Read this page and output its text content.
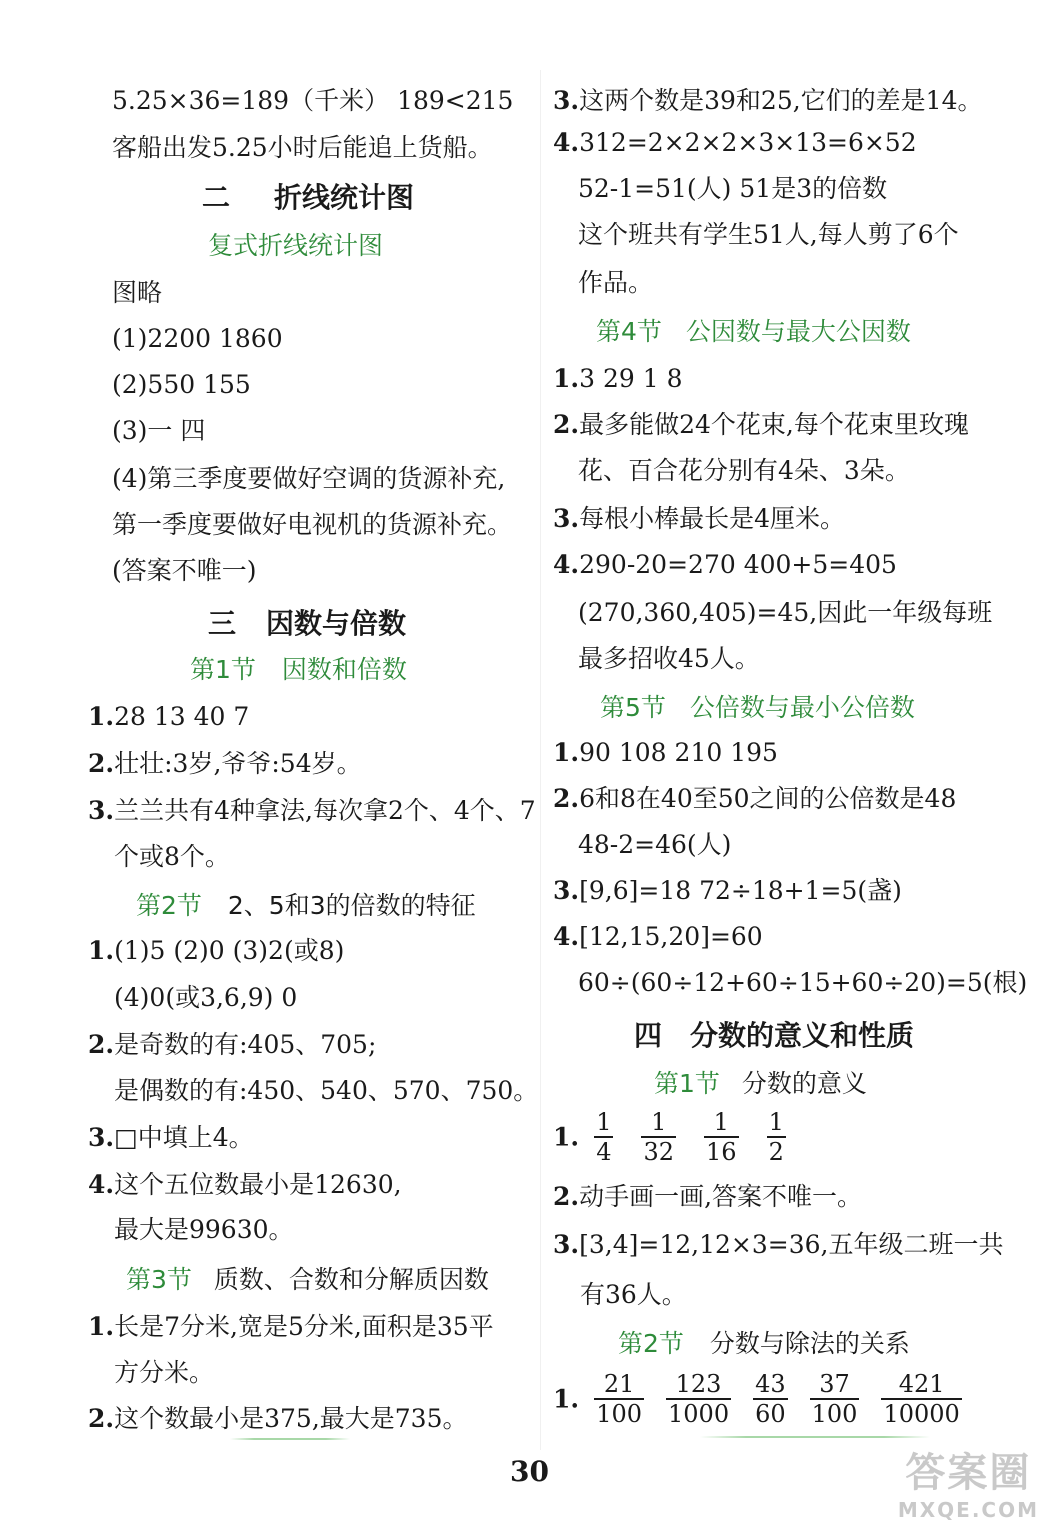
5.25×36=189（千米） 189<215
客船出发5.25小时后能追上货船。
二 折线统计图
复式折线统计图
图略
(1)2200 1860
(2)550 155
(3)一 四
(4)第三季度要做好空调的货源补充,
第一季度要做好电视机的货源补充。
(答案不唯一)
三 因数与倍数
第1节 因数和倍数
1.28 13 40 7
2.壮壮:3岁,爷爷:54岁。
3.兰兰共有4种拿法,每次拿2个、4个、7
个或8个。
第2节 2、5和3的倍数的特征
1.(1)5 (2)0 (3)2(或8)
(4)0(或3,6,9) 0
2.是奇数的有:405、705;
是偶数的有:450、540、570、750。
3.□中填上4。
4.这个五位数最小是12630,
最大是99630。
第3节 质数、合数和分解质因数
1.长是7分米,宽是5分米,面积是35平
方分米。
2.这个数最小是375,最大是735。
3.这两个数是39和25,它们的差是14。
4.312=2×2×2×3×13=6×52
52-1=51(人) 51是3的倍数
这个班共有学生51人,每人剪了6个
作品。
第4节 公因数与最大公因数
1.3 29 1 8
2.最多能做24个花束,每个花束里玫瑰
花、百合花分别有4朵、3朵。
3.每根小棒最长是4厘米。
4.290-20=270 400+5=405
(270,360,405)=45,因此一年级每班
最多招收45人。
第5节 公倍数与最小公倍数
1.90 108 210 195
2.6和8在40至50之间的公倍数是48
48-2=46(人)
3.[9,6]=18 72÷18+1=5(盏)
4.[12,15,20]=60
60÷(60÷12+60÷15+60÷20)=5(根)
四 分数的意义和性质
第1节 分数的意义
1. $\frac{1}{4} \frac{1}{32} \frac{1}{16} \frac{1}{2}$
2.动手画一画,答案不唯一。
3.[3,4]=12,12×3=36,五年级二班一共
有36人。
第2节 分数与除法的关系
1. $\frac{21}{100} \frac{123}{1000} \frac{43}{60} \frac{37}{100} \frac{421}{10000}$
30	答案圈
MXQE.COM
